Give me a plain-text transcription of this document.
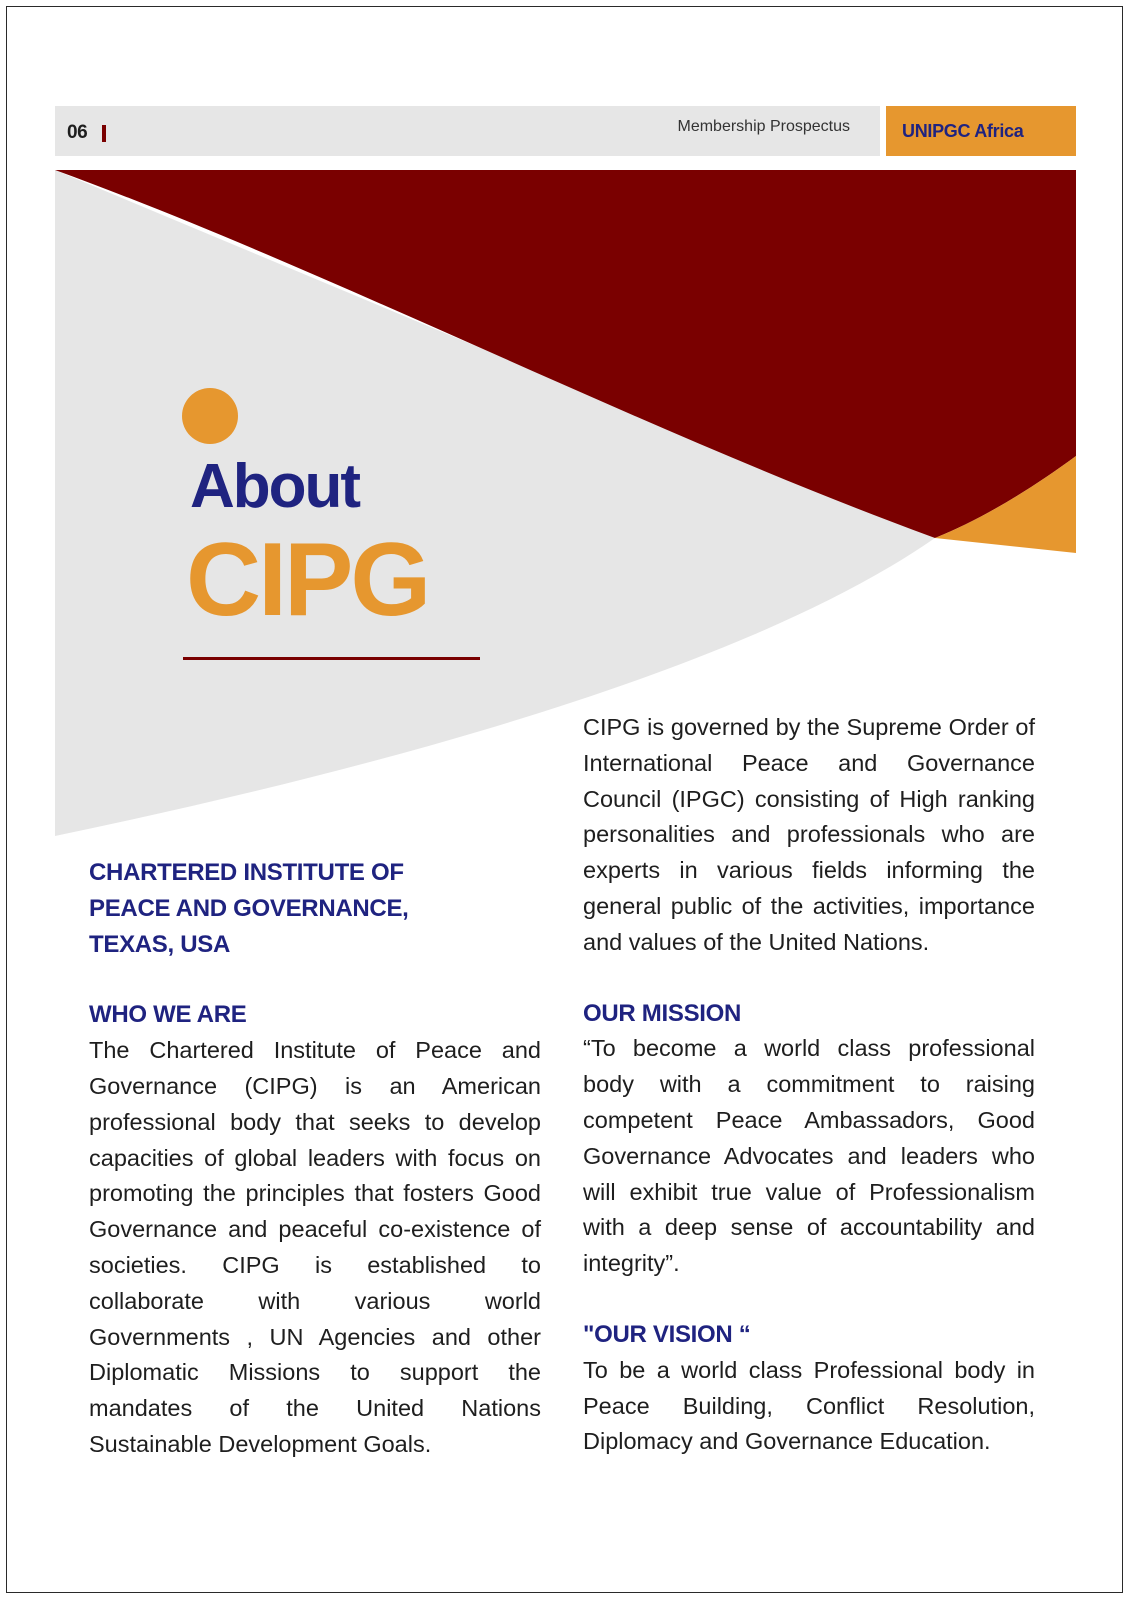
06	Membership Prospectus	UNIPGC Africa
About
CIPG
CHARTERED INSTITUTE OF
PEACE AND GOVERNANCE,
TEXAS, USA
WHO WE ARE

The Chartered Institute of Peace and Governance (CIPG) is an American professional body that seeks to develop capacities of global leaders with focus on promoting the principles that fosters Good Governance and peaceful co-existence of societies. CIPG is established to collaborate with various world Governments , UN Agencies and other Diplomatic Missions to support the mandates of the United Nations Sustainable Development Goals.

CIPG is governed by the Supreme Order of International Peace and Governance Council (IPGC) consisting of High ranking personalities and professionals who are experts in various fields informing the general public of the activities, importance and values of the United Nations.

OUR MISSION

“To become a world class professional body with a commitment to raising competent Peace Ambassadors, Good Governance Advocates and leaders who will exhibit true value of Professionalism with a deep sense of accountability and integrity”.

"OUR VISION “

To be a world class Professional body in Peace Building, Conflict Resolution, Diplomacy and Governance Education.
